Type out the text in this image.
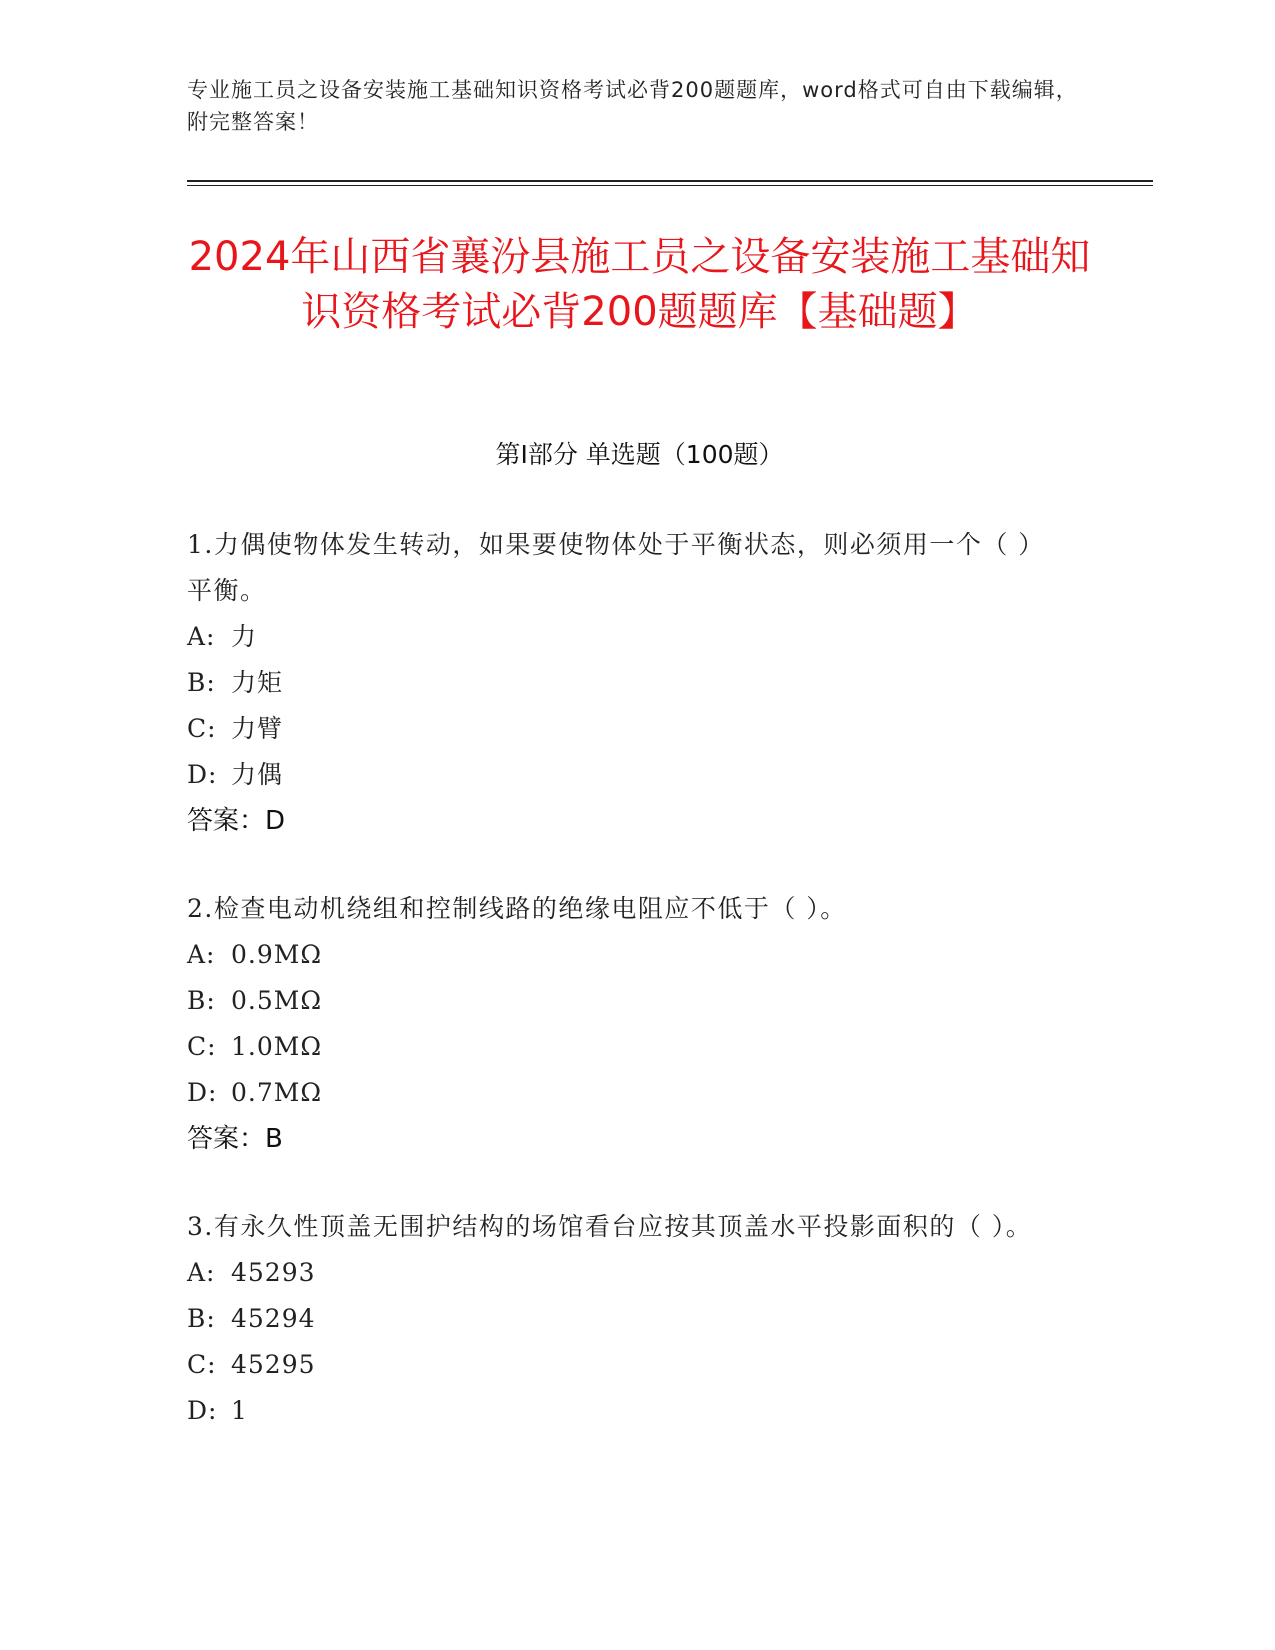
专业施工员之设备安装施工基础知识资格考试必背200题题库，word格式可自由下载编辑，附完整答案！
2024年山西省襄汾县施工员之设备安装施工基础知识资格考试必背200题题库【基础题】
第I部分 单选题（100题）

1.力偶使物体发生转动，如果要使物体处于平衡状态，则必须用一个（ ）平衡。

A: 力

B: 力矩

C: 力臂

D: 力偶

答案：D

2.检查电动机绕组和控制线路的绝缘电阻应不低于（ ）。

A: 0.9MΩ

B: 0.5MΩ

C: 1.0MΩ

D: 0.7MΩ

答案：B

3.有永久性顶盖无围护结构的场馆看台应按其顶盖水平投影面积的（ ）。

A: 45293

B: 45294

C: 45295

D: 1
